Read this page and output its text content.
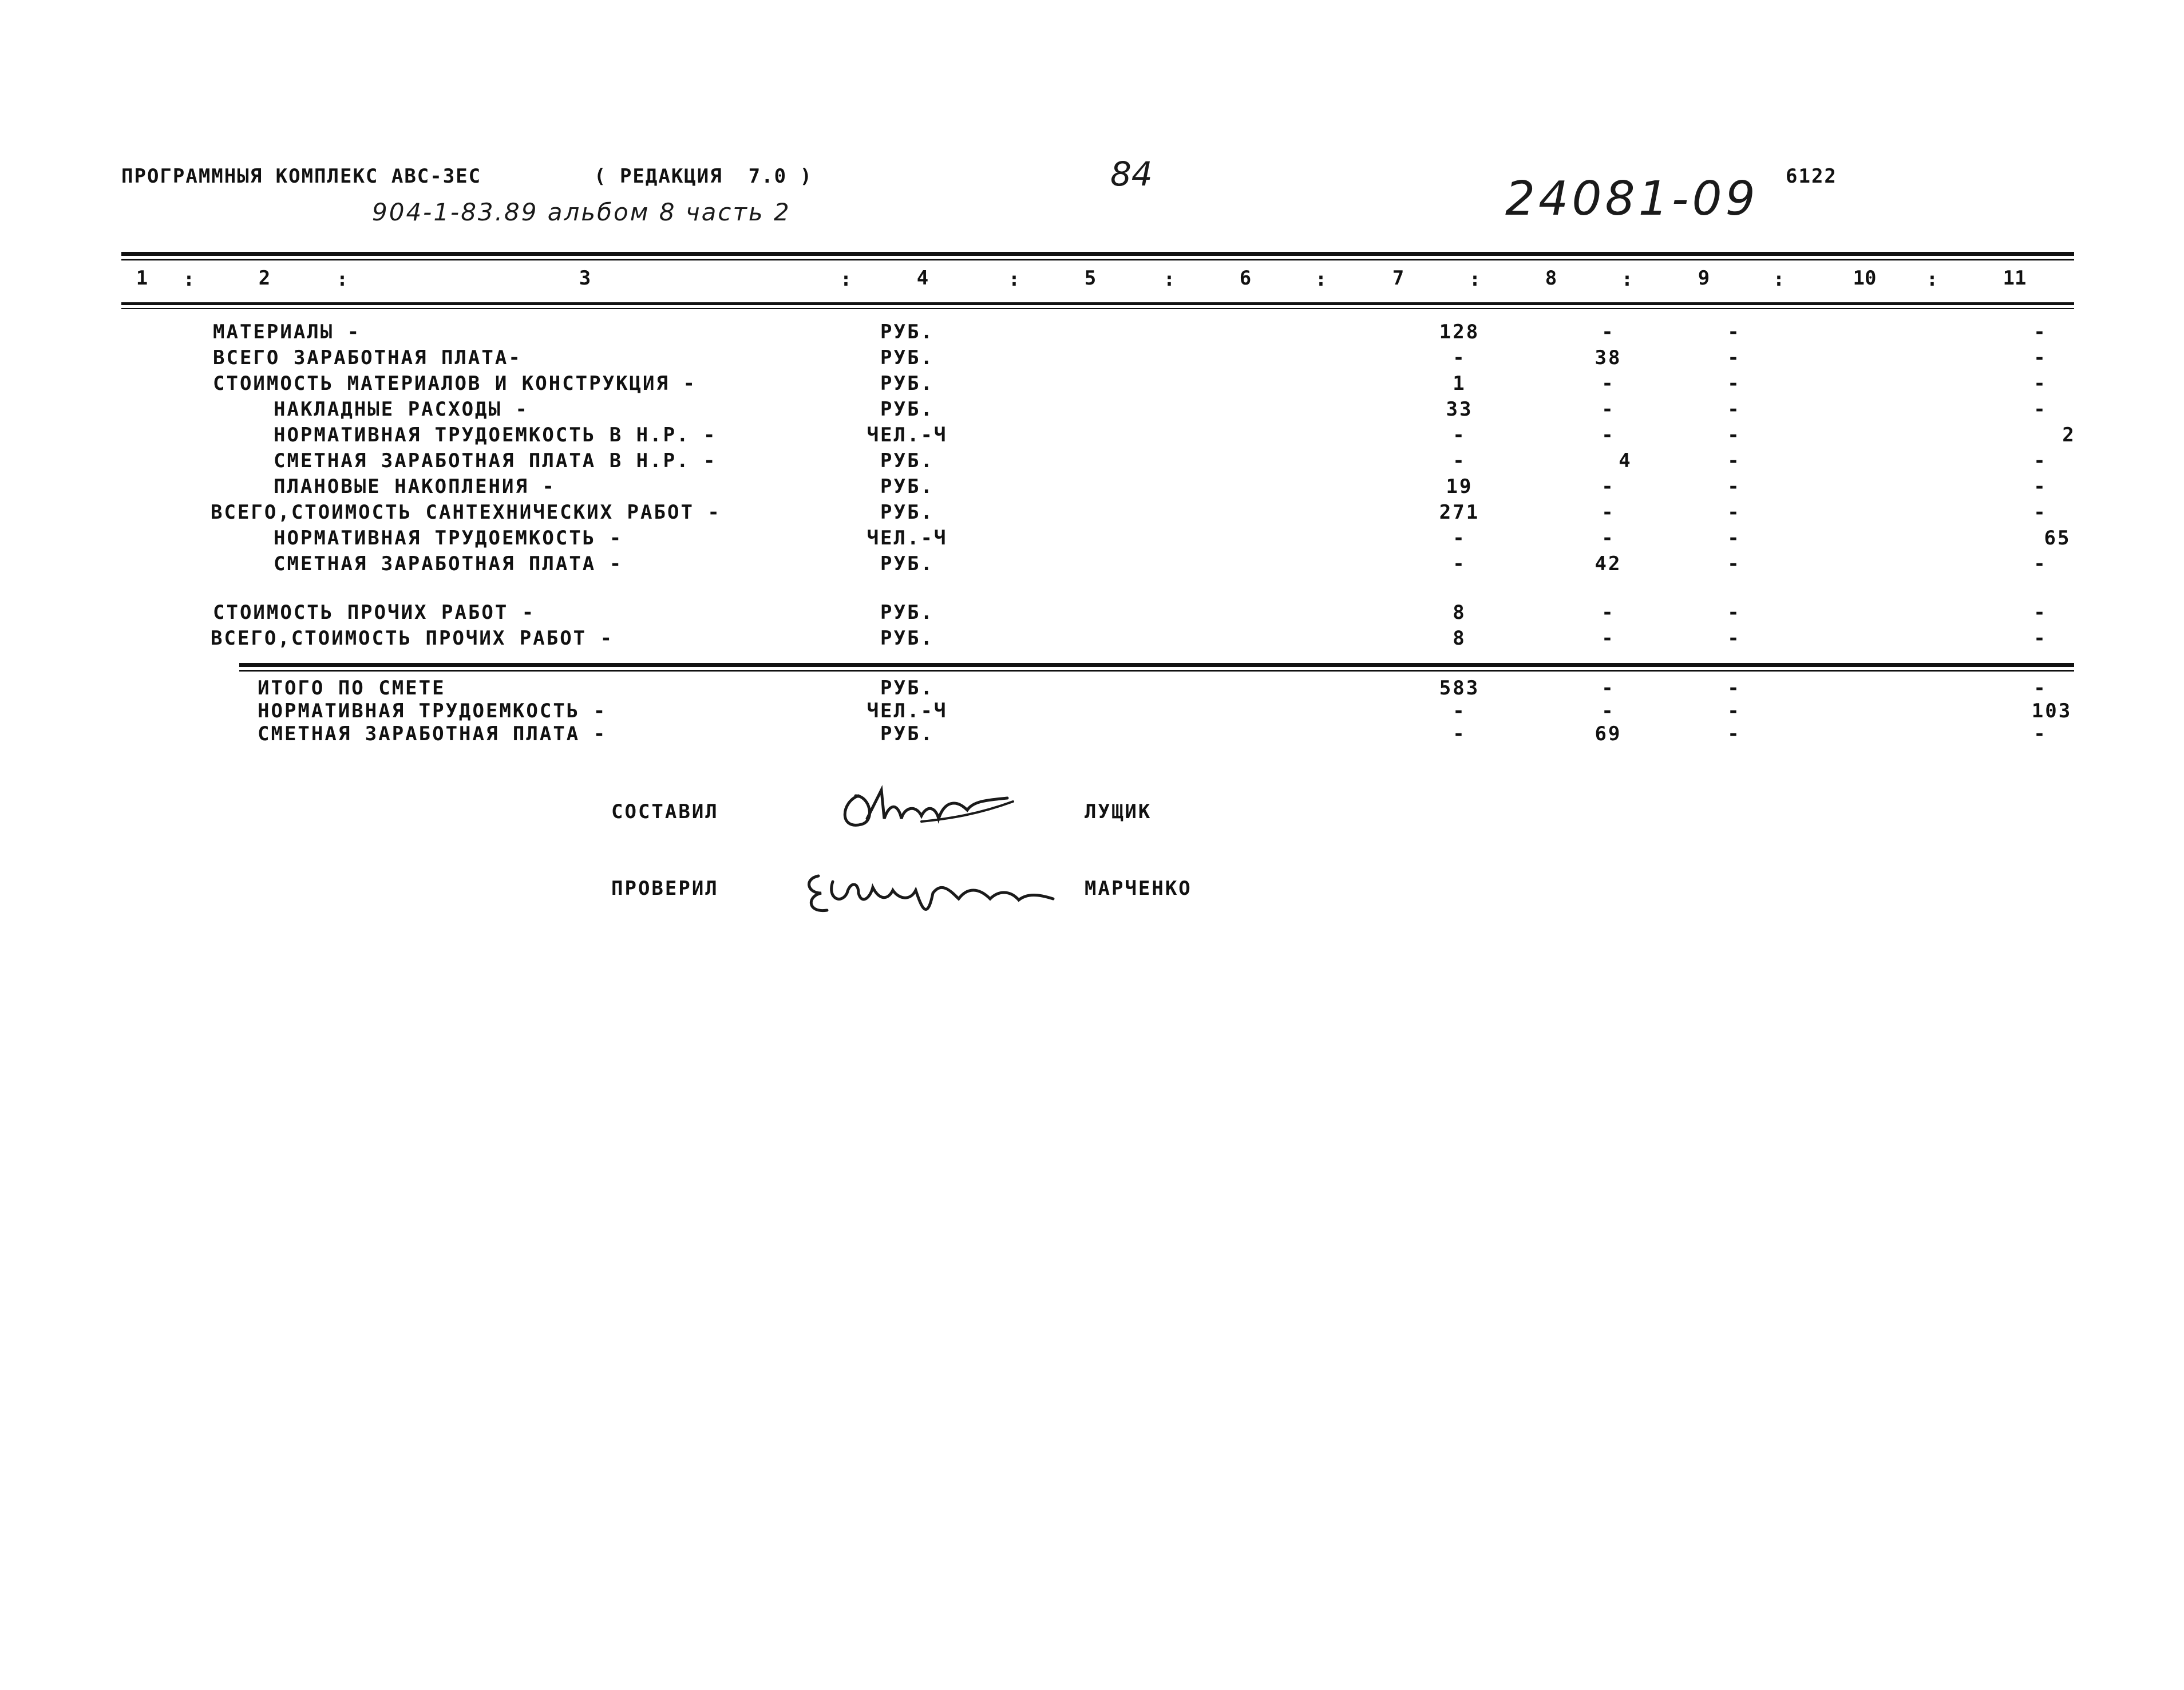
ПРОГРАММНЫЯ КОМПЛЕКС АВС-3ЕС	( РЕДАКЦИЯ  7.0 )	84	24081-09 6122
904-1-83.89 альбом 8 часть 2
1 :	2	:	3	:	4	:	5	:	6	:	7	:	8	:	9	:	10	:	11
МАТЕРИАЛЫ -	РУБ.	128	-	-	-
ВСЕГО ЗАРАБОТНАЯ ПЛАТА-	РУБ.	-	38	-	-
СТОИМОСТЬ МАТЕРИАЛОВ И КОНСТРУКЦИЯ -	РУБ.	1	-	-	-
НАКЛАДНЫЕ РАСХОДЫ -	РУБ.	33	-	-	-
НОРМАТИВНАЯ ТРУДОЕМКОСТЬ В Н.Р. -	ЧЕЛ.-Ч	-	-	-	2
СМЕТНАЯ ЗАРАБОТНАЯ ПЛАТА В Н.Р. -	РУБ.	-	4	-	-
ПЛАНОВЫЕ НАКОПЛЕНИЯ -	РУБ.	19	-	-	-
ВСЕГО,СТОИМОСТЬ САНТЕХНИЧЕСКИХ РАБОТ -	РУБ.	271	-	-	-
НОРМАТИВНАЯ ТРУДОЕМКОСТЬ -	ЧЕЛ.-Ч	-	-	-	65
СМЕТНАЯ ЗАРАБОТНАЯ ПЛАТА -	РУБ.	-	42	-	-
СТОИМОСТЬ ПРОЧИХ РАБОТ -	РУБ.	8	-	-	-
ВСЕГО,СТОИМОСТЬ ПРОЧИХ РАБОТ -	РУБ.	8	-	-	-
ИТОГО ПО СМЕТЕ	РУБ.	583	-	-	-
НОРМАТИВНАЯ ТРУДОЕМКОСТЬ -	ЧЕЛ.-Ч	-	-	-	103
СМЕТНАЯ ЗАРАБОТНАЯ ПЛАТА -	РУБ.	-	69	-	-
СОСТАВИЛ	ЛУЩИК
ПРОВЕРИЛ	МАРЧЕНКО
